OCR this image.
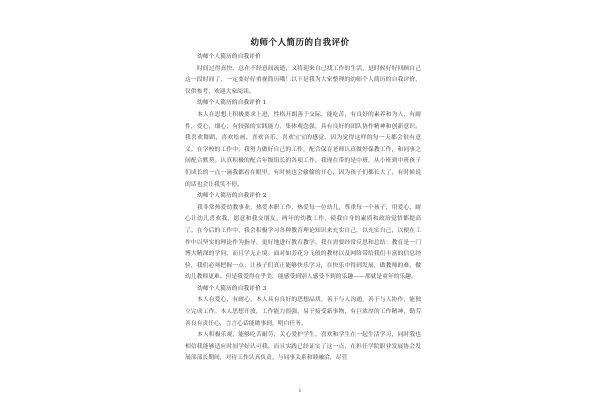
幼师个人简历的自我评价

幼师个人简历的自我评价

时间过得真快，总在不经意间流逝，又将迎来自己找工作的生活，是时候好好回顾自己这一段时间了，一定要好好重视简历哦！以下是我为大家整理的幼师个人简历的自我评价，仅供参考，欢迎大家阅读。

幼师个人简历的自我评价 1

本人在思想上积极要求上进，性格开朗善于交际，能吃苦，有良好的素养和为人，有耐性，爱心，细心；有较强的实践能力，集体观念强，具有良好的团队协作精神和创新意识。我喜欢舞蹈、喜欢绘画、喜欢音乐、喜欢宝宝的感觉，因为觉得这样的每一天都会很有意义。在学校的工作中，我努力做好自己的工作，配合保育老师认真做好保教工作，和同事之间配合默契。认真积极的配合年级组长的各项工作。我现在带的是中班，从小班到中班孩子们成长的一点一滴我都看在眼里。有时候也会偷偷的开心，因为孩子们都长大了，有时候说的话也会让我笑不停。

幼师个人简历的自我评价 2

我非常热爱幼教事业，热爱本职工作，热爱每一位幼儿，尊重每一个孩子，用爱心、耐心让幼儿喜欢我，愿意和我交朋友。两年的幼教工作，使我自身的素质和政治觉悟都提高了。在今后的工作中，我会积极学习各种教育理论知识来充实自己，以充实自己，以便在工作中以坚实的理论作为指导，更好地进行教育教学。我在需要经常反思和总结：教育是一门博大精深的学问，而且学无止境。面对如芳花分飞般的教材以及网络带给我们丰富的信息经验，我们必须把握一点：让孩子们真正能够快乐学习，在快乐中得到发展，做教师的难，做幼儿教师更难。但是我爱得在乎美，能感受到别人感受不到的乐趣——那就是童年的乐趣。

幼师个人简历的自我评价 3

本人有爱心，有耐心，本人具有良好的思想品质，善于与人沟通，善于与人协作，能独立完成工作。本人思想开放，工作能力很强，易于接受新事物，有巨浓厚的工作精神，勤劳善良有责任心，言言心话能做事到，明白任务。

本人积极乐观，能够吃苦耐劳，关心爱护学生，喜欢和学生在一起生活学习，同时我也相信我能够适应时间学好认可我。而且实践已经证实了这一点，在担任学院职业发展协会发展部部长期间，对待工作认真负责，与同事关系和睦融洽，尽管

1
